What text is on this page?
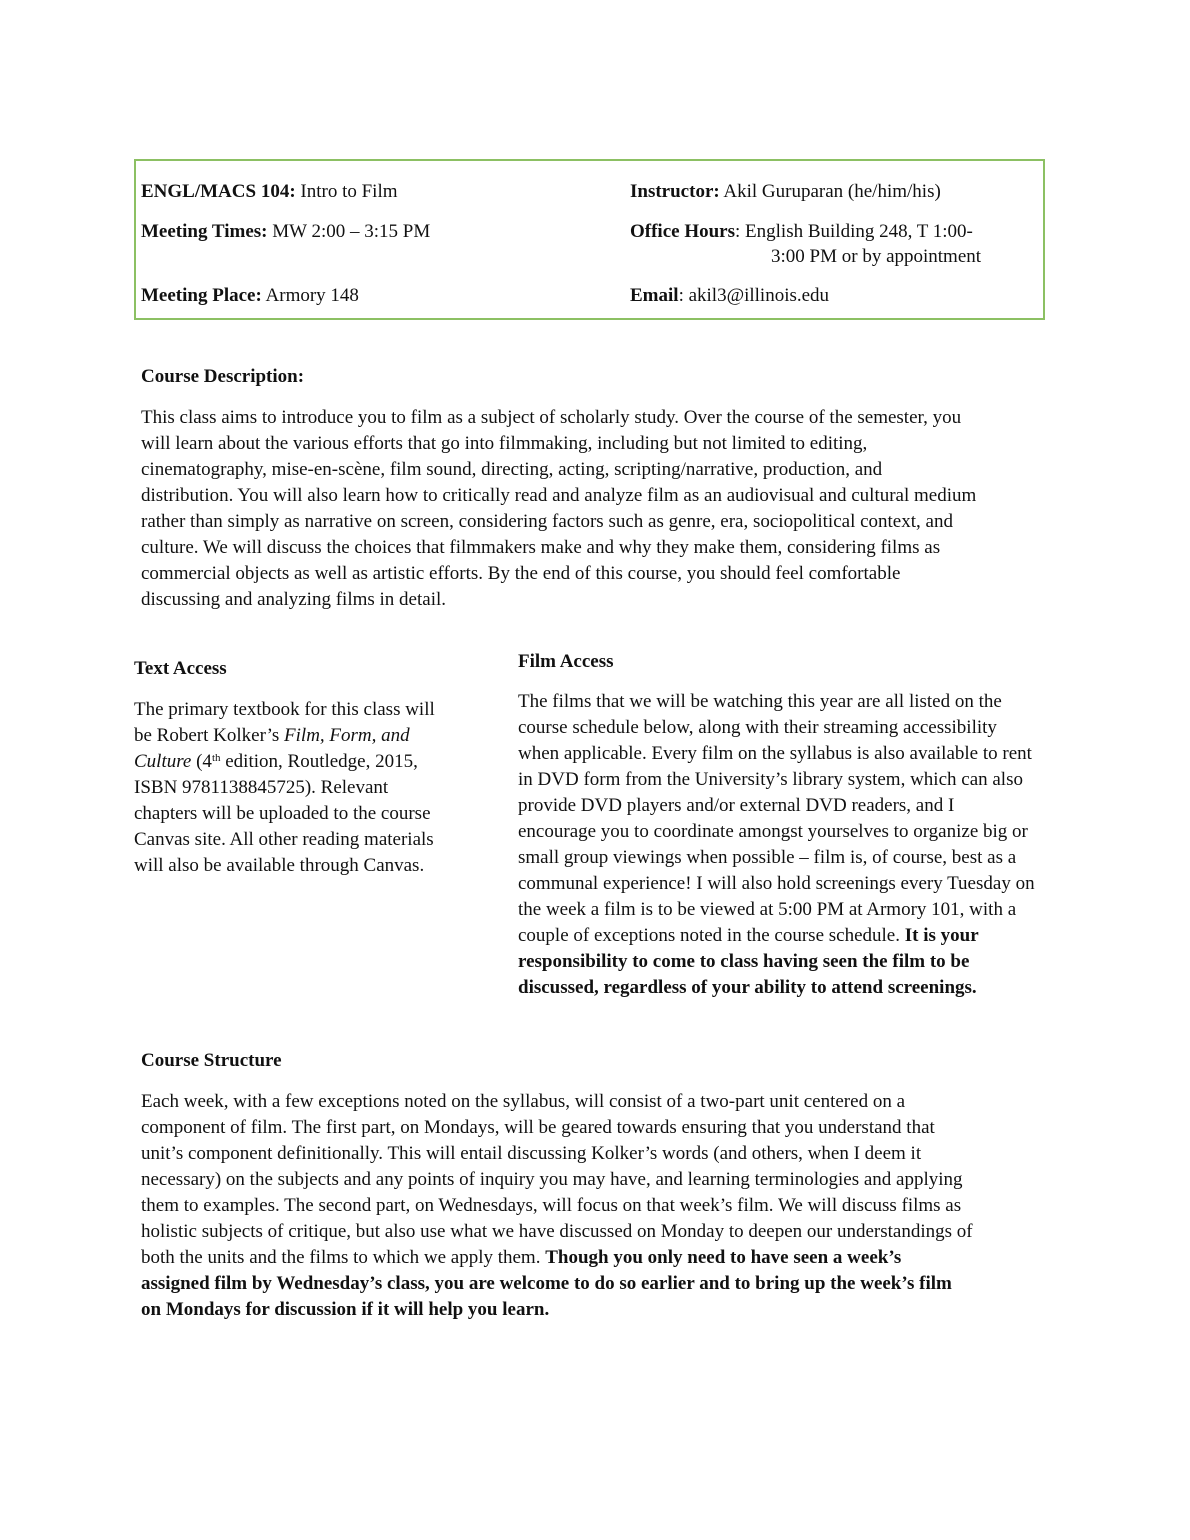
ENGL/MACS 104: Intro to Film
Meeting Times: MW 2:00 – 3:15 PM
Meeting Place: Armory 148
Instructor: Akil Guruparan (he/him/his)
Office Hours: English Building 248, T 1:00-
3:00 PM or by appointment
Email: akil3@illinois.edu
Course Description:
This class aims to introduce you to film as a subject of scholarly study. Over the course of the semester, you
will learn about the various efforts that go into filmmaking, including but not limited to editing,
cinematography, mise-en-scène, film sound, directing, acting, scripting/narrative, production, and
distribution. You will also learn how to critically read and analyze film as an audiovisual and cultural medium
rather than simply as narrative on screen, considering factors such as genre, era, sociopolitical context, and
culture. We will discuss the choices that filmmakers make and why they make them, considering films as
commercial objects as well as artistic efforts. By the end of this course, you should feel comfortable
discussing and analyzing films in detail.
Text Access
The primary textbook for this class will
be Robert Kolker’s Film, Form, and
Culture (4th edition, Routledge, 2015,
ISBN 9781138845725). Relevant
chapters will be uploaded to the course
Canvas site. All other reading materials
will also be available through Canvas.
Film Access
The films that we will be watching this year are all listed on the
course schedule below, along with their streaming accessibility
when applicable. Every film on the syllabus is also available to rent
in DVD form from the University’s library system, which can also
provide DVD players and/or external DVD readers, and I
encourage you to coordinate amongst yourselves to organize big or
small group viewings when possible – film is, of course, best as a
communal experience! I will also hold screenings every Tuesday on
the week a film is to be viewed at 5:00 PM at Armory 101, with a
couple of exceptions noted in the course schedule. It is your
responsibility to come to class having seen the film to be
discussed, regardless of your ability to attend screenings.
Course Structure
Each week, with a few exceptions noted on the syllabus, will consist of a two-part unit centered on a
component of film. The first part, on Mondays, will be geared towards ensuring that you understand that
unit’s component definitionally. This will entail discussing Kolker’s words (and others, when I deem it
necessary) on the subjects and any points of inquiry you may have, and learning terminologies and applying
them to examples. The second part, on Wednesdays, will focus on that week’s film. We will discuss films as
holistic subjects of critique, but also use what we have discussed on Monday to deepen our understandings of
both the units and the films to which we apply them. Though you only need to have seen a week’s
assigned film by Wednesday’s class, you are welcome to do so earlier and to bring up the week’s film
on Mondays for discussion if it will help you learn.
